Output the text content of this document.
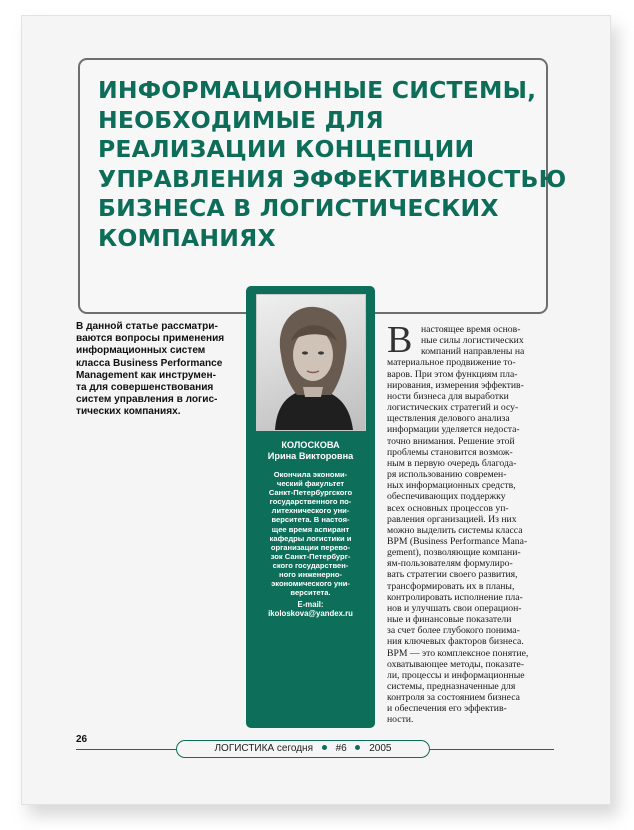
ИНФОРМАЦИОННЫЕ СИСТЕМЫ,
НЕОБХОДИМЫЕ ДЛЯ
РЕАЛИЗАЦИИ КОНЦЕПЦИИ
УПРАВЛЕНИЯ ЭФФЕКТИВНОСТЬЮ
БИЗНЕСА В ЛОГИСТИЧЕСКИХ
КОМПАНИЯХ
В данной статье рассматри-
ваются вопросы применения
информационных систем
класса Business Performance
Management как инструмен-
та для совершенствования
систем управления в логис-
тических компаниях.
КОЛОСКОВА
Ирина Викторовна
Окончила экономи-
ческий факультет
Санкт-Петербургского
государственного по-
литехнического уни-
верситета. В настоя-
щее время аспирант
кафедры логистики и
организации перево-
зок Санкт-Петербург-
ского государствен-
ного инженерно-
экономического уни-
верситета.
E-mail:
ikoloskova@yandex.ru
В настоящее время основ-
ные силы логистических
компаний направлены на
материальное продвижение то-
варов. При этом функциям пла-
нирования, измерения эффектив-
ности бизнеса для выработки
логистических стратегий и осу-
ществления делового анализа
информации уделяется недоста-
точно внимания. Решение этой
проблемы становится возмож-
ным в первую очередь благода-
ря использованию современ-
ных информационных средств,
обеспечивающих поддержку
всех основных процессов уп-
равления организацией. Из них
можно выделить системы класса
BPM (Business Performance Mana-
gement), позволяющие компани-
ям-пользователям формулиро-
вать стратегии своего развития,
трансформировать их в планы,
контролировать исполнение пла-
нов и улучшать свои операцион-
ные и финансовые показатели
за счет более глубокого понима-
ния ключевых факторов бизнеса.
BPM — это комплексное понятие,
охватывающее методы, показате-
ли, процессы и информационные
системы, предназначенные для
контроля за состоянием бизнеса
и обеспечения его эффектив-
ности.
26
ЛОГИСТИКА сегодня #6 2005
